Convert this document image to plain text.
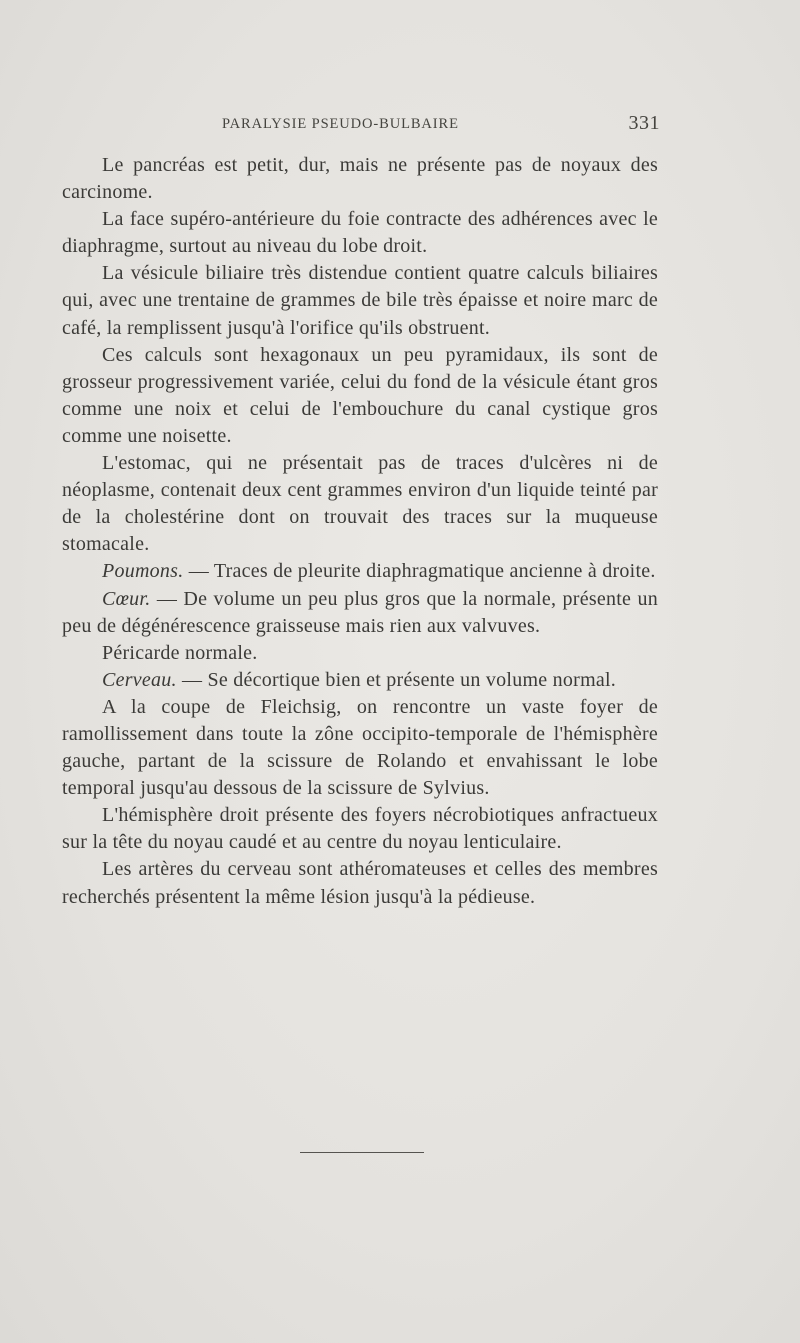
PARALYSIE PSEUDO-BULBAIRE	331

Le pancréas est petit, dur, mais ne présente pas de noyaux des carcinome.

La face supéro-antérieure du foie contracte des adhérences avec le diaphragme, surtout au niveau du lobe droit.

La vésicule biliaire très distendue contient quatre calculs biliaires qui, avec une trentaine de grammes de bile très épaisse et noire marc de café, la remplissent jusqu'à l'orifice qu'ils obstruent.

Ces calculs sont hexagonaux un peu pyramidaux, ils sont de grosseur progressivement variée, celui du fond de la vésicule étant gros comme une noix et celui de l'embouchure du canal cystique gros comme une noisette.

L'estomac, qui ne présentait pas de traces d'ulcères ni de néoplasme, contenait deux cent grammes environ d'un liquide teinté par de la cholestérine dont on trouvait des traces sur la muqueuse stomacale.

Poumons. — Traces de pleurite diaphragmatique ancienne à droite.

Cœur. — De volume un peu plus gros que la normale, présente un peu de dégénérescence graisseuse mais rien aux valvuves.

Péricarde normale.

Cerveau. — Se décortique bien et présente un volume normal.

A la coupe de Fleichsig, on rencontre un vaste foyer de ramollissement dans toute la zône occipito-temporale de l'hémisphère gauche, partant de la scissure de Rolando et envahissant le lobe temporal jusqu'au dessous de la scissure de Sylvius.

L'hémisphère droit présente des foyers nécrobiotiques anfractueux sur la tête du noyau caudé et au centre du noyau lenticulaire.

Les artères du cerveau sont athéromateuses et celles des membres recherchés présentent la même lésion jusqu'à la pédieuse.
